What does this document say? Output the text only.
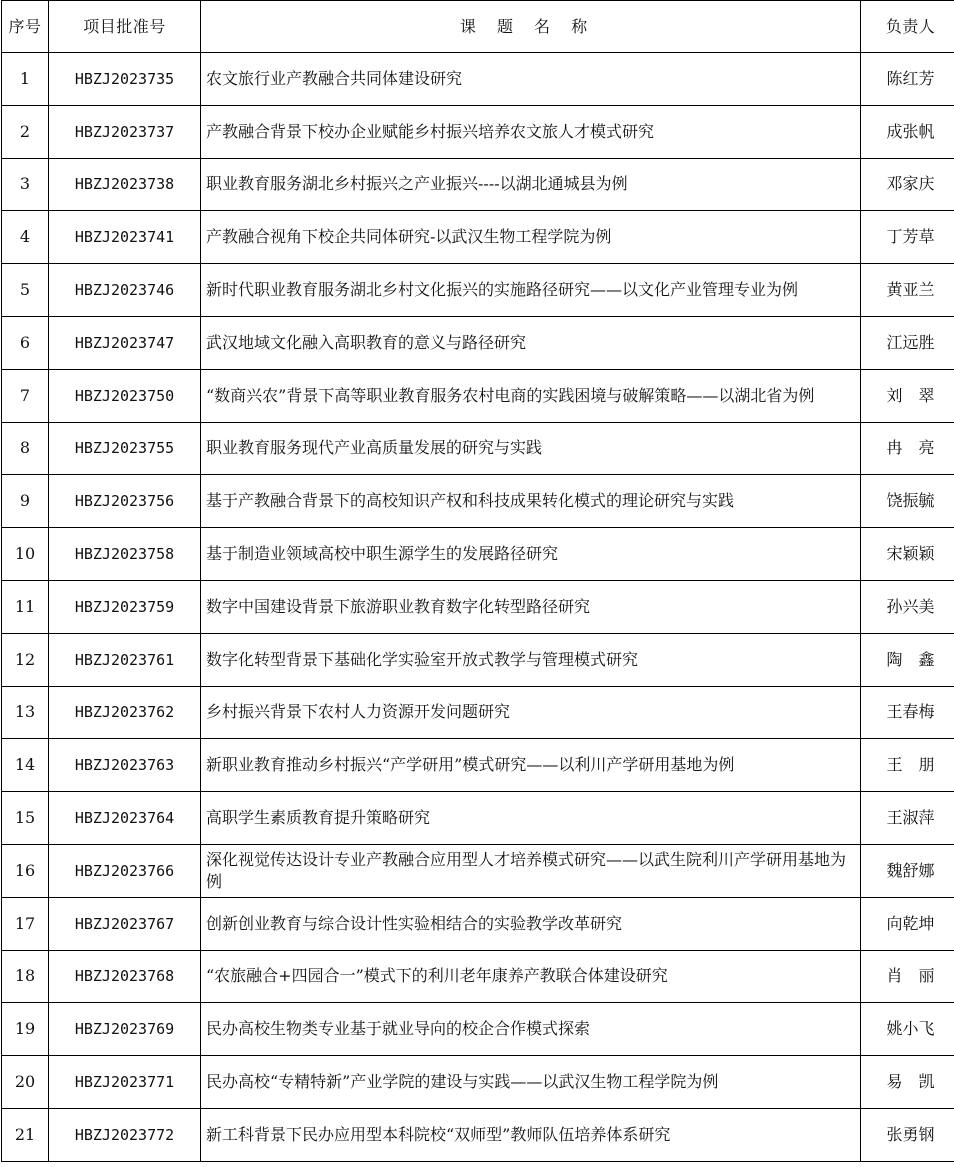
序号	项目批准号	课 题 名 称	负责人
1	HBZJ2023735	农文旅行业产教融合共同体建设研究	陈红芳
2	HBZJ2023737	产教融合背景下校办企业赋能乡村振兴培养农文旅人才模式研究	成张帆
3	HBZJ2023738	职业教育服务湖北乡村振兴之产业振兴----以湖北通城县为例	邓家庆
4	HBZJ2023741	产教融合视角下校企共同体研究-以武汉生物工程学院为例	丁芳草
5	HBZJ2023746	新时代职业教育服务湖北乡村文化振兴的实施路径研究——以文化产业管理专业为例	黄亚兰
6	HBZJ2023747	武汉地域文化融入高职教育的意义与路径研究	江远胜
7	HBZJ2023750	“数商兴农”背景下高等职业教育服务农村电商的实践困境与破解策略——以湖北省为例	刘　翠
8	HBZJ2023755	职业教育服务现代产业高质量发展的研究与实践	冉　亮
9	HBZJ2023756	基于产教融合背景下的高校知识产权和科技成果转化模式的理论研究与实践	饶振毓
10	HBZJ2023758	基于制造业领域高校中职生源学生的发展路径研究	宋颖颖
11	HBZJ2023759	数字中国建设背景下旅游职业教育数字化转型路径研究	孙兴美
12	HBZJ2023761	数字化转型背景下基础化学实验室开放式教学与管理模式研究	陶　鑫
13	HBZJ2023762	乡村振兴背景下农村人力资源开发问题研究	王春梅
14	HBZJ2023763	新职业教育推动乡村振兴“产学研用”模式研究——以利川产学研用基地为例	王　朋
15	HBZJ2023764	高职学生素质教育提升策略研究	王淑萍
16	HBZJ2023766	深化视觉传达设计专业产教融合应用型人才培养模式研究——以武生院利川产学研用基地为例	魏舒娜
17	HBZJ2023767	创新创业教育与综合设计性实验相结合的实验教学改革研究	向乾坤
18	HBZJ2023768	“农旅融合+四园合一”模式下的利川老年康养产教联合体建设研究	肖　丽
19	HBZJ2023769	民办高校生物类专业基于就业导向的校企合作模式探索	姚小飞
20	HBZJ2023771	民办高校“专精特新”产业学院的建设与实践——以武汉生物工程学院为例	易　凯
21	HBZJ2023772	新工科背景下民办应用型本科院校“双师型”教师队伍培养体系研究	张勇钢
